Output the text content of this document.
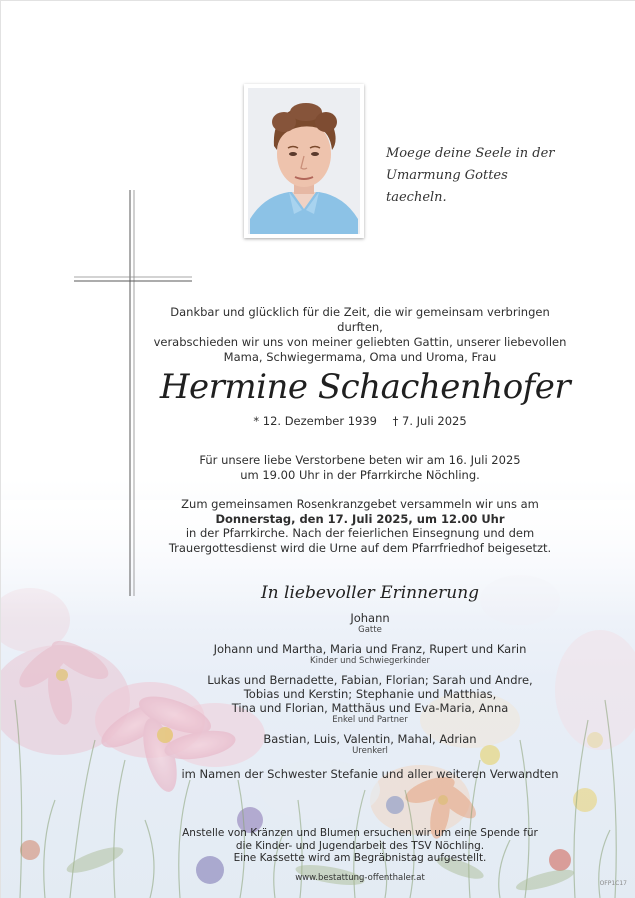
Moege deine Seele in der
Umarmung Gottes taecheln.
Dankbar und glücklich für die Zeit, die wir gemeinsam verbringen durften,
verabschieden wir uns von meiner geliebten Gattin, unserer liebevollen
Mama, Schwiegermama, Oma und Uroma, Frau
Hermine Schachenhofer
* 12. Dezember 1939 † 7. Juli 2025

Für unsere liebe Verstorbene beten wir am 16. Juli 2025

um 19.00 Uhr in der Pfarrkirche Nöchling.

Zum gemeinsamen Rosenkranzgebet versammeln wir uns am

Donnerstag, den 17. Juli 2025, um 12.00 Uhr

in der Pfarrkirche. Nach der feierlichen Einsegnung und dem

Trauergottesdienst wird die Urne auf dem Pfarrfriedhof beigesetzt.

In liebevoller Erinnerung

Johann

Gatte

Johann und Martha, Maria und Franz, Rupert und Karin

Kinder und Schwiegerkinder

Lukas und Bernadette, Fabian, Florian; Sarah und Andre,

Tobias und Kerstin; Stephanie und Matthias,

Tina und Florian, Matthäus und Eva-Maria, Anna

Enkel und Partner

Bastian, Luis, Valentin, Mahal, Adrian

Urenkerl

im Namen der Schwester Stefanie und aller weiteren Verwandten

Anstelle von Kränzen und Blumen ersuchen wir um eine Spende für

die Kinder- und Jugendarbeit des TSV Nöchling.

Eine Kassette wird am Begräbnistag aufgestellt.

www.bestattung-offenthaler.at
OFP1C17
